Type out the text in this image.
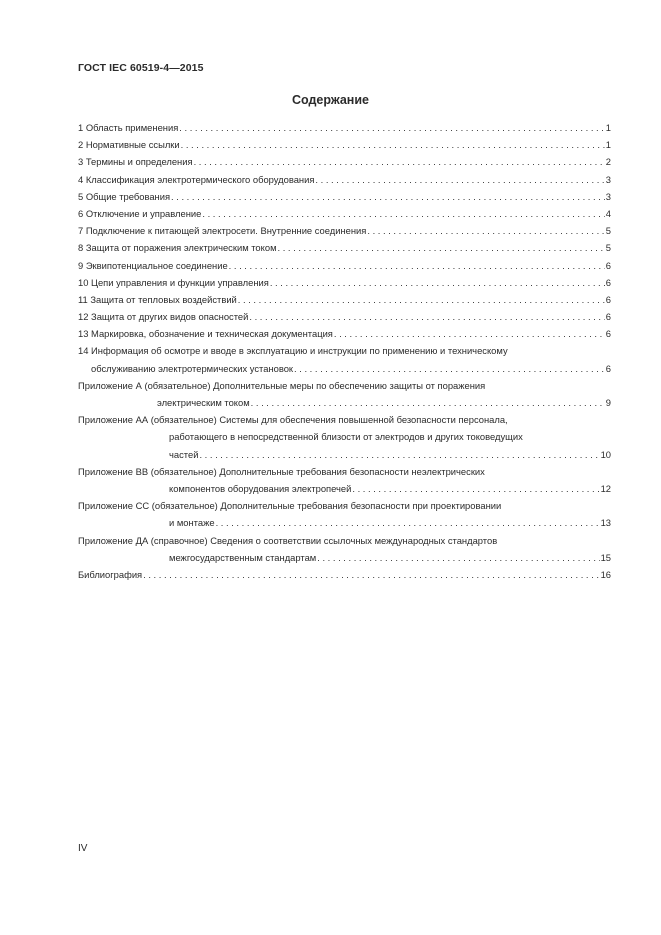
ГОСТ IEC 60519-4—2015
Содержание
1 Область применения . . .	1
2 Нормативные ссылки . . .	1
3 Термины и определения . . .	2
4 Классификация электротермического оборудования . . .	3
5 Общие требования . . .	3
6 Отключение и управление . . .	4
7 Подключение к питающей электросети. Внутренние соединения . . .	5
8 Защита от поражения электрическим током . . .	5
9 Эквипотенциальное соединение . . .	6
10 Цепи управления и функции управления . . .	6
11 Защита от тепловых воздействий . . .	6
12 Защита от других видов опасностей . . .	6
13 Маркировка, обозначение и техническая документация . . .	6
14 Информация об осмотре и вводе в эксплуатацию и инструкции по применению и техническому
обслуживанию электротермических установок . . .	6
Приложение А (обязательное) Дополнительные меры по обеспечению защиты от поражения
электрическим током . . .	9
Приложение АА (обязательное) Системы для обеспечения повышенной безопасности персонала,
работающего в непосредственной близости от электродов и других токоведущих
частей . . .	10
Приложение ВВ (обязательное) Дополнительные требования безопасности неэлектрических
компонентов оборудования электропечей . . .	12
Приложение СС (обязательное) Дополнительные требования безопасности при проектировании
и монтаже . . .	13
Приложение ДА (справочное) Сведения о соответствии ссылочных международных стандартов
межгосударственным стандартам . . .	15
Библиография . . .	16
IV
